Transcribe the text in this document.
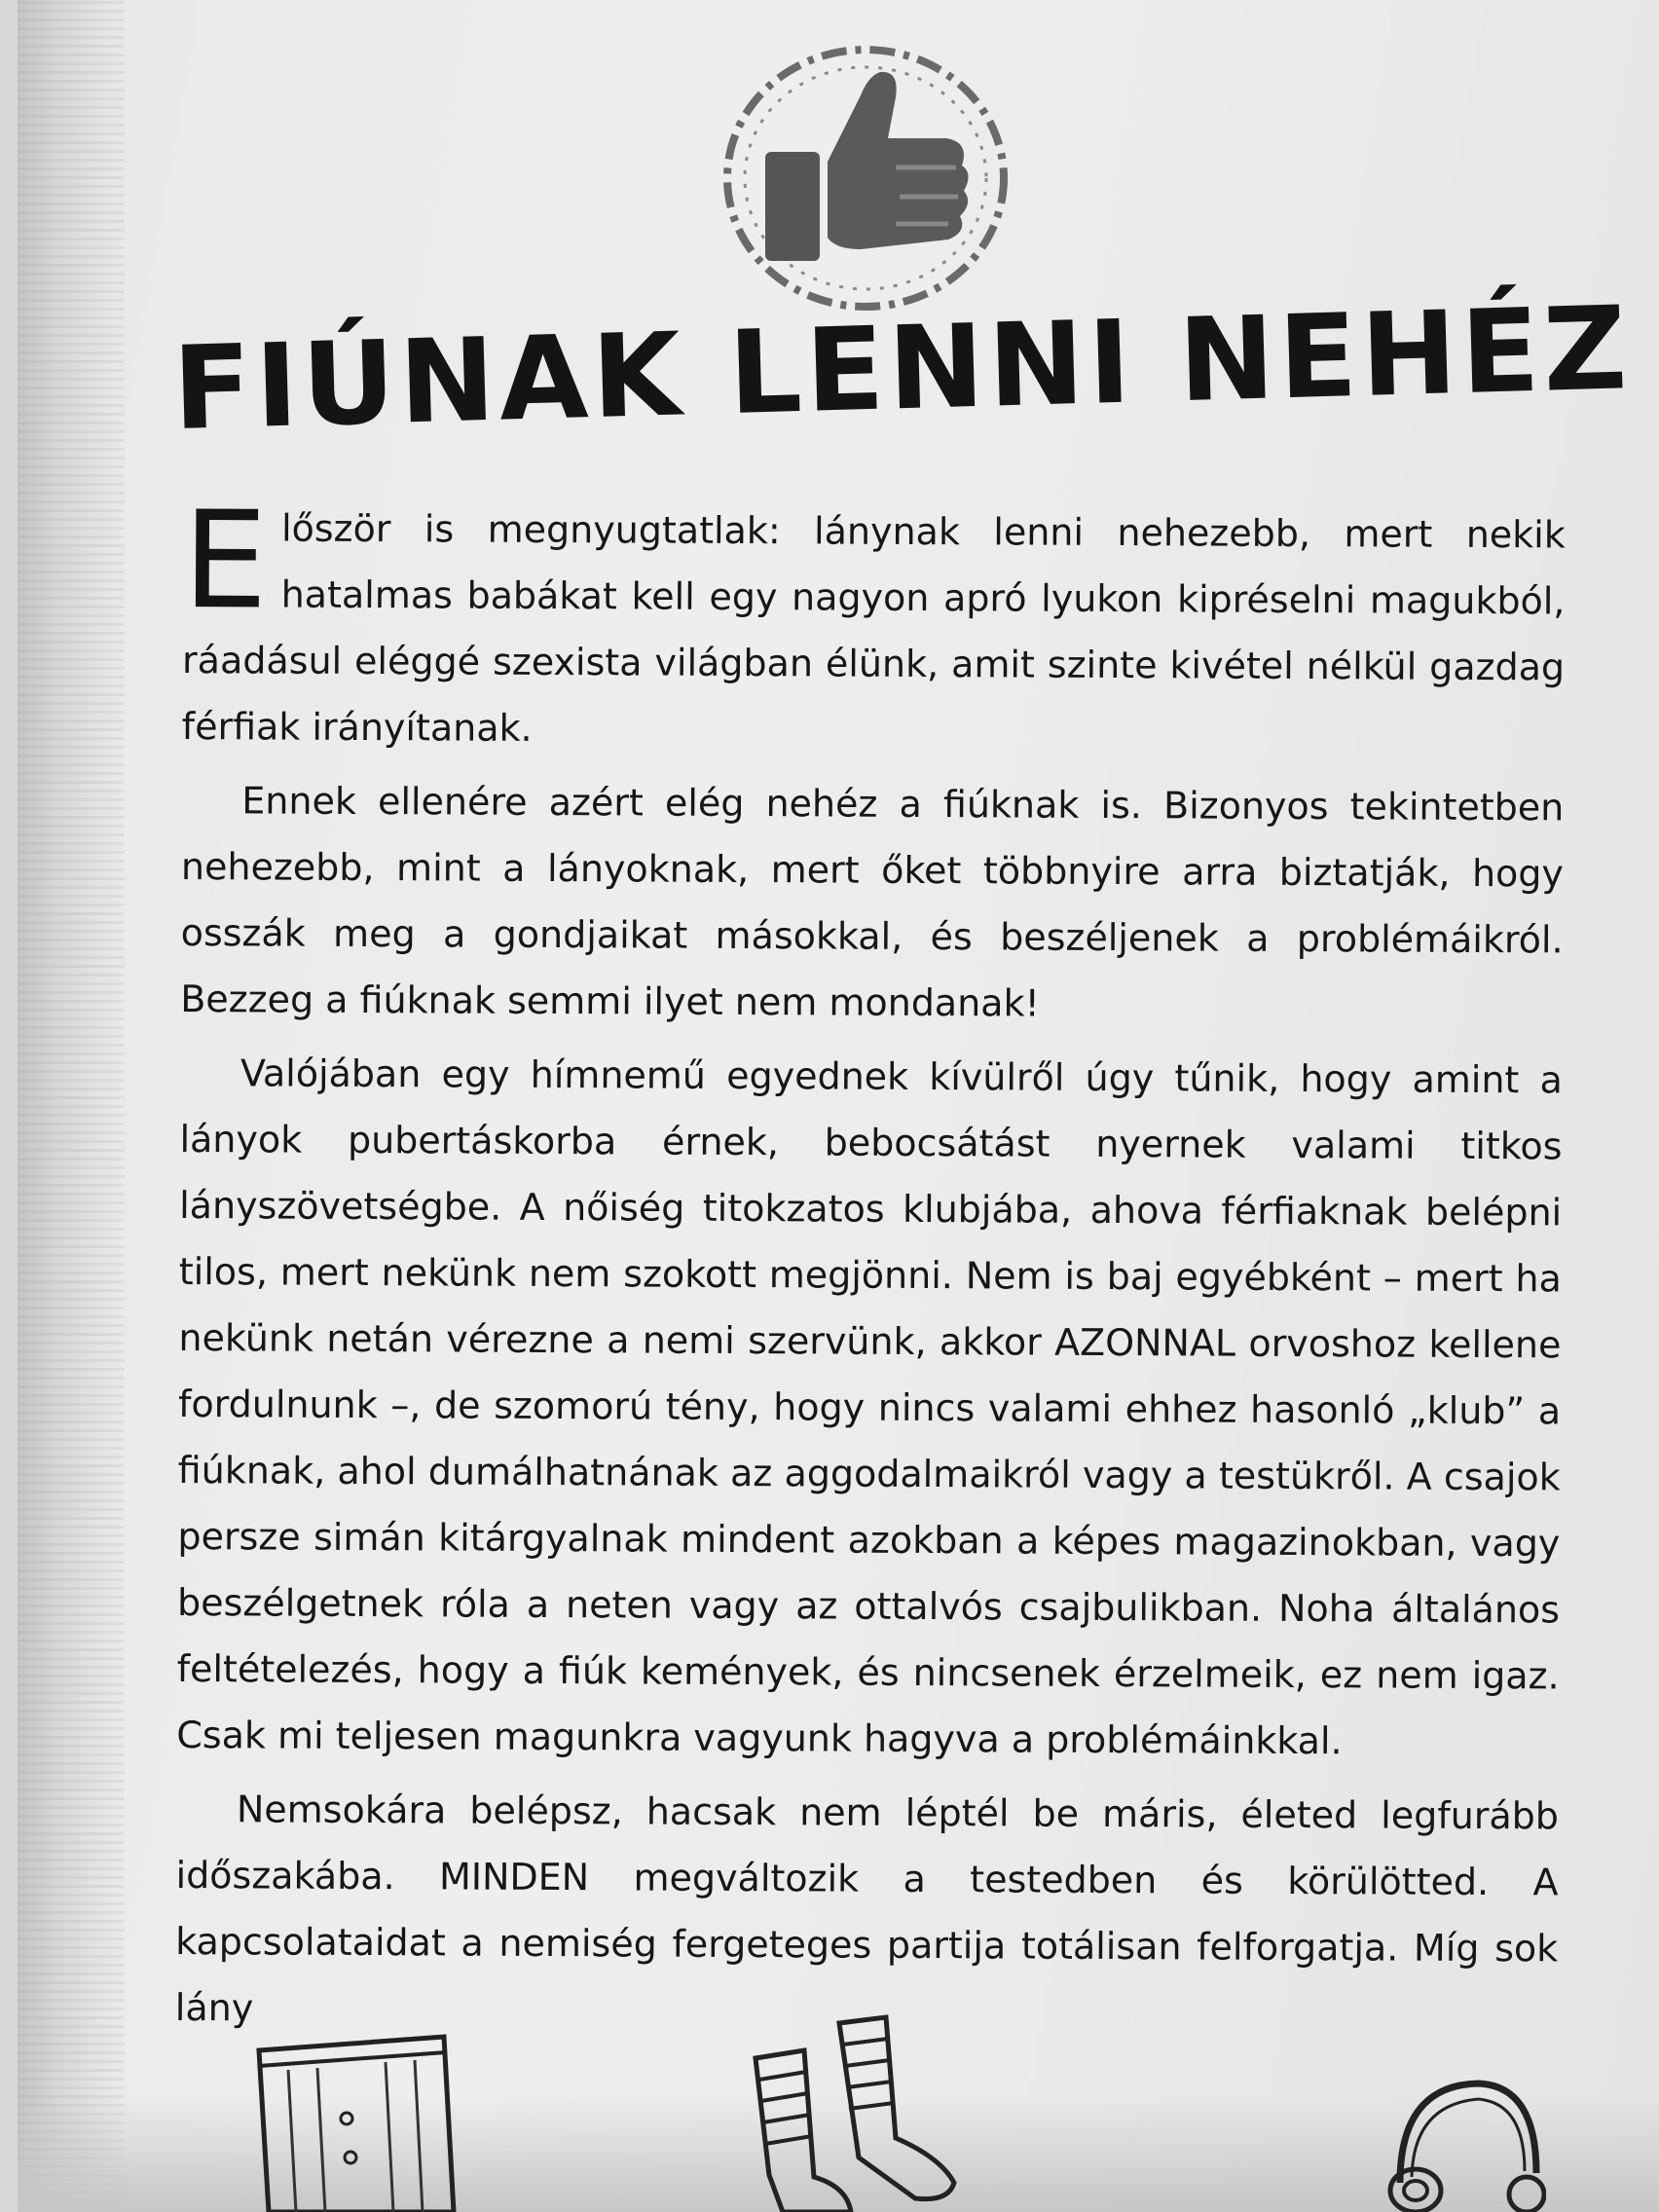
FIÚNAK LENNI NEHÉZ

Először is megnyugtatlak: lánynak lenni nehezebb, mert nekik hatalmas babákat kell egy nagyon apró lyukon kipréselni magukból, ráadásul eléggé szexista világban élünk, amit szinte kivétel nélkül gazdag férfiak irányítanak.

Ennek ellenére azért elég nehéz a fiúknak is. Bizonyos tekintetben nehezebb, mint a lányoknak, mert őket többnyire arra biztatják, hogy osszák meg a gondjaikat másokkal, és beszéljenek a problémáikról. Bezzeg a fiúknak semmi ilyet nem mondanak!

Valójában egy hímnemű egyednek kívülről úgy tűnik, hogy amint a lányok pubertáskorba érnek, bebocsátást nyernek valami titkos lányszövetségbe. A nőiség titokzatos klubjába, ahova férfiaknak belépni tilos, mert nekünk nem szokott megjönni. Nem is baj egyébként – mert ha nekünk netán vérezne a nemi szervünk, akkor AZONNAL orvoshoz kellene fordulnunk –, de szomorú tény, hogy nincs valami ehhez hasonló „klub” a fiúknak, ahol dumálhatnának az aggodalmaikról vagy a testükről. A csajok persze simán kitárgyalnak mindent azokban a képes magazinokban, vagy beszélgetnek róla a neten vagy az ottalvós csajbulikban. Noha általános feltételezés, hogy a fiúk kemények, és nincsenek érzelmeik, ez nem igaz. Csak mi teljesen magunkra vagyunk hagyva a problémáinkkal.

Nemsokára belépsz, hacsak nem léptél be máris, életed legfurább időszakába. MINDEN megváltozik a testedben és körülötted. A kapcsolataidat a nemiség fergeteges partija totálisan felforgatja. Míg sok lány
